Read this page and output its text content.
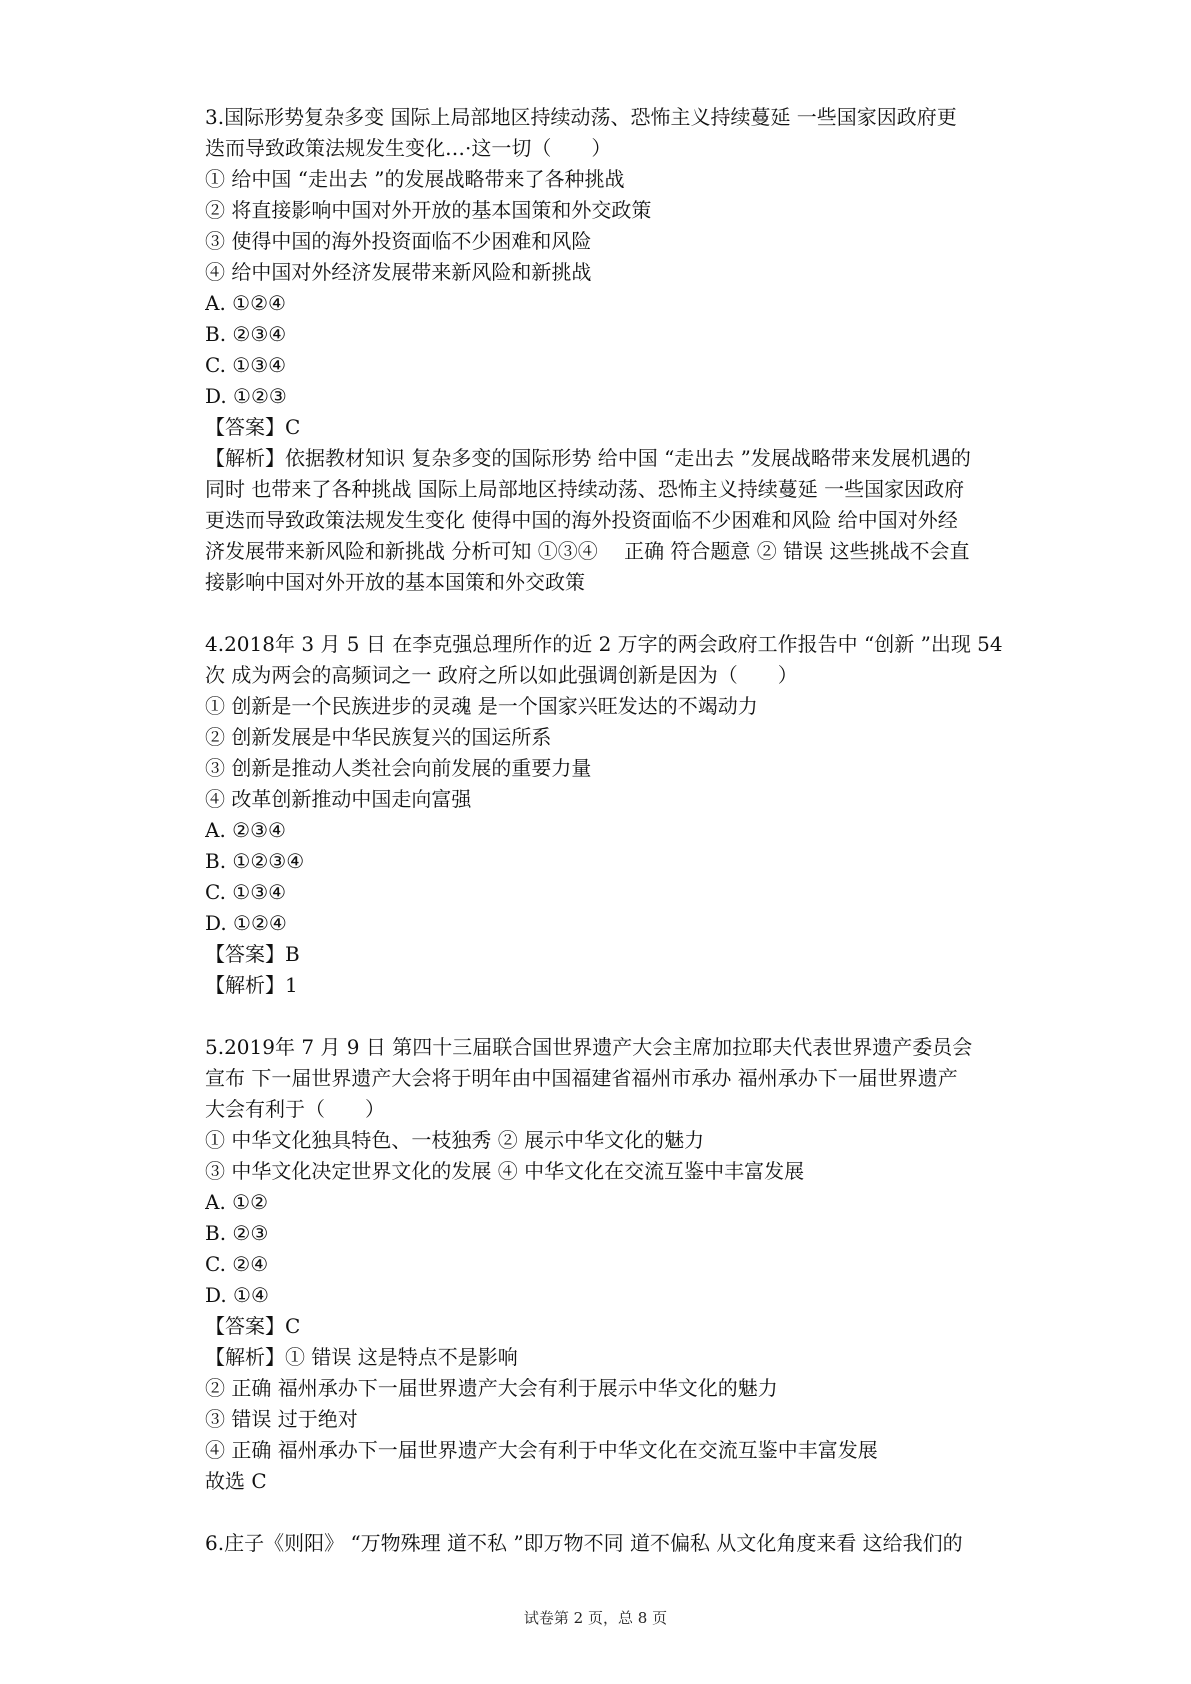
3.国际形势复杂多变 国际上局部地区持续动荡、恐怖主义持续蔓延 一些国家因政府更
迭而导致政策法规发生变化…·这一切（　　）
① 给中国 “走出去 ”的发展战略带来了各种挑战
② 将直接影响中国对外开放的基本国策和外交政策
③ 使得中国的海外投资面临不少困难和风险
④ 给中国对外经济发展带来新风险和新挑战
A. ①②④
B. ②③④
C. ①③④
D. ①②③
【答案】C
【解析】依据教材知识 复杂多变的国际形势 给中国 “走出去 ”发展战略带来发展机遇的
同时 也带来了各种挑战 国际上局部地区持续动荡、恐怖主义持续蔓延 一些国家因政府
更迭而导致政策法规发生变化 使得中国的海外投资面临不少困难和风险 给中国对外经
济发展带来新风险和新挑战 分析可知 ①③④　 正确 符合题意 ② 错误 这些挑战不会直
接影响中国对外开放的基本国策和外交政策
4.2018年 3 月 5 日 在李克强总理所作的近 2 万字的两会政府工作报告中 “创新 ”出现 54
次 成为两会的高频词之一 政府之所以如此强调创新是因为（　　）
① 创新是一个民族进步的灵魂 是一个国家兴旺发达的不竭动力
② 创新发展是中华民族复兴的国运所系
③ 创新是推动人类社会向前发展的重要力量
④ 改革创新推动中国走向富强
A. ②③④
B. ①②③④
C. ①③④
D. ①②④
【答案】B
【解析】1
5.2019年 7 月 9 日 第四十三届联合国世界遗产大会主席加拉耶夫代表世界遗产委员会
宣布 下一届世界遗产大会将于明年由中国福建省福州市承办 福州承办下一届世界遗产
大会有利于（　　）
① 中华文化独具特色、一枝独秀 ② 展示中华文化的魅力
③ 中华文化决定世界文化的发展 ④ 中华文化在交流互鉴中丰富发展
A. ①②
B. ②③
C. ②④
D. ①④
【答案】C
【解析】① 错误 这是特点不是影响
② 正确 福州承办下一届世界遗产大会有利于展示中华文化的魅力
③ 错误 过于绝对
④ 正确 福州承办下一届世界遗产大会有利于中华文化在交流互鉴中丰富发展
故选 C
6.庄子《则阳》 “万物殊理 道不私 ”即万物不同 道不偏私 从文化角度来看 这给我们的
试卷第 2 页，总 8 页
